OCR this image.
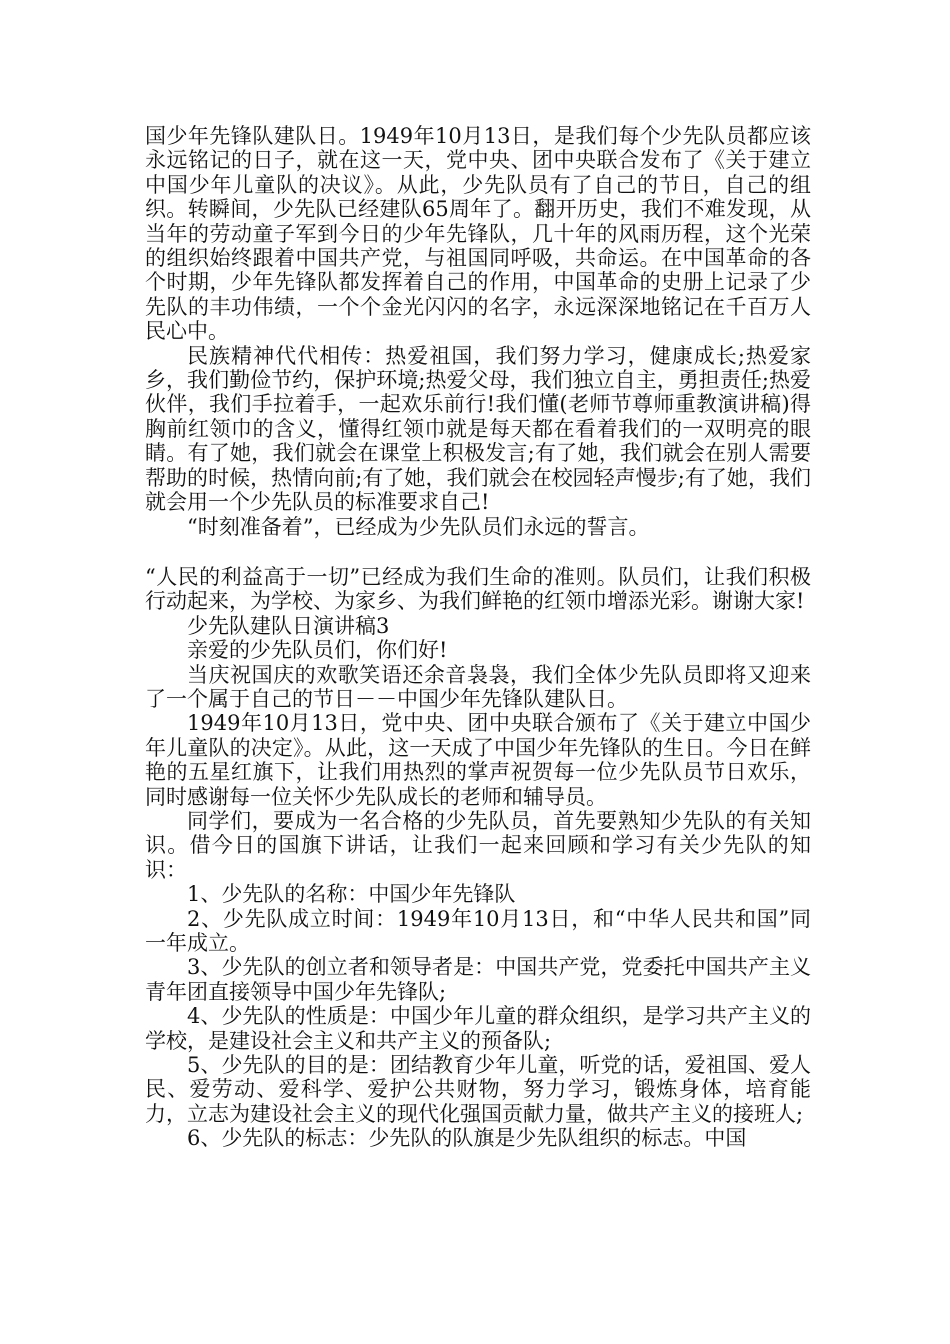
国少年先锋队建队日。1949年10月13日，是我们每个少先队员都应该永远铭记的日子，就在这一天，党中央、团中央联合发布了《关于建立中国少年儿童队的决议》。从此，少先队员有了自己的节日，自己的组织。转瞬间，少先队已经建队65周年了。翻开历史，我们不难发现，从当年的劳动童子军到今日的少年先锋队，几十年的风雨历程，这个光荣的组织始终跟着中国共产党，与祖国同呼吸，共命运。在中国革命的各个时期，少年先锋队都发挥着自己的作用，中国革命的史册上记录了少先队的丰功伟绩，一个个金光闪闪的名字，永远深深地铭记在千百万人民心中。

民族精神代代相传：热爱祖国，我们努力学习，健康成长;热爱家乡，我们勤俭节约，保护环境;热爱父母，我们独立自主，勇担责任;热爱伙伴，我们手拉着手，一起欢乐前行!我们懂(老师节尊师重教演讲稿)得胸前红领巾的含义，懂得红领巾就是每天都在看着我们的一双明亮的眼睛。有了她，我们就会在课堂上积极发言;有了她，我们就会在别人需要帮助的时候，热情向前;有了她，我们就会在校园轻声慢步;有了她，我们就会用一个少先队员的标准要求自己!

“时刻准备着”，已经成为少先队员们永远的誓言。

“人民的利益高于一切”已经成为我们生命的准则。队员们，让我们积极行动起来，为学校、为家乡、为我们鲜艳的红领巾增添光彩。谢谢大家!

少先队建队日演讲稿3

亲爱的少先队员们，你们好!

当庆祝国庆的欢歌笑语还余音袅袅，我们全体少先队员即将又迎来了一个属于自己的节日－－中国少年先锋队建队日。

1949年10月13日，党中央、团中央联合颁布了《关于建立中国少年儿童队的决定》。从此，这一天成了中国少年先锋队的生日。今日在鲜艳的五星红旗下，让我们用热烈的掌声祝贺每一位少先队员节日欢乐，同时感谢每一位关怀少先队成长的老师和辅导员。

同学们，要成为一名合格的少先队员，首先要熟知少先队的有关知识。借今日的国旗下讲话，让我们一起来回顾和学习有关少先队的知识：

1、少先队的名称：中国少年先锋队

2、少先队成立时间：1949年10月13日，和“中华人民共和国”同一年成立。

3、少先队的创立者和领导者是：中国共产党，党委托中国共产主义青年团直接领导中国少年先锋队;

4、少先队的性质是：中国少年儿童的群众组织，是学习共产主义的学校，是建设社会主义和共产主义的预备队;

5、少先队的目的是：团结教育少年儿童，听党的话，爱祖国、爱人民、爱劳动、爱科学、爱护公共财物，努力学习，锻炼身体，培育能力，立志为建设社会主义的现代化强国贡献力量，做共产主义的接班人;

6、少先队的标志：少先队的队旗是少先队组织的标志。中国
